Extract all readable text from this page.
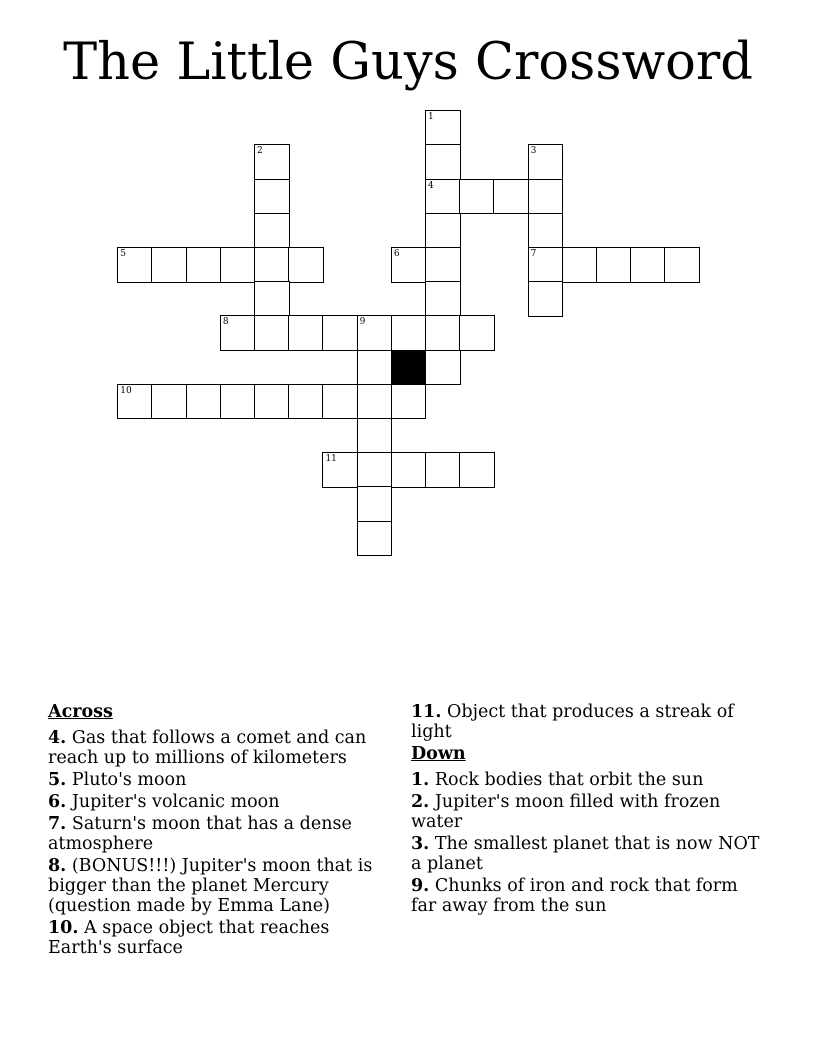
The Little Guys Crossword
1
2	3
4
5	6	7
8	9
10
11
Across
4. Gas that follows a comet and can reach up to millions of kilometers
5. Pluto's moon
6. Jupiter's volcanic moon
7. Saturn's moon that has a dense atmosphere
8. (BONUS!!!) Jupiter's moon that is bigger than the planet Mercury (question made by Emma Lane)
10. A space object that reaches Earth's surface
11. Object that produces a streak of light
Down
1. Rock bodies that orbit the sun
2. Jupiter's moon filled with frozen water
3. The smallest planet that is now NOT a planet
9. Chunks of iron and rock that form far away from the sun
